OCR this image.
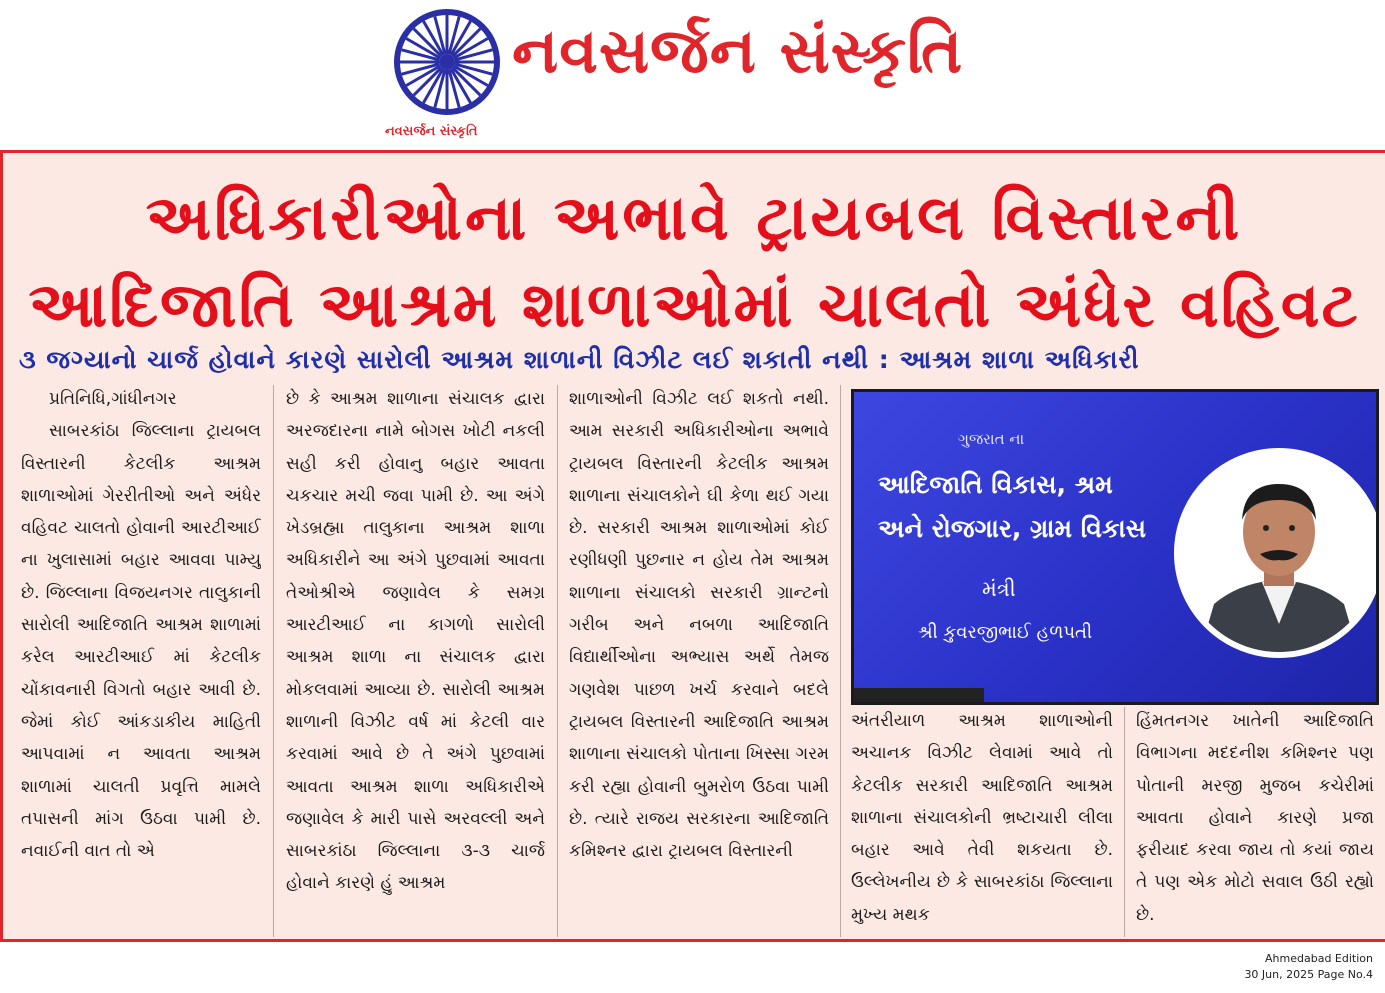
નવસર્જન સંસ્કૃતિ
નવસર્જન સંસ્કૃતિ
અધિકારીઓના અભાવે ટ્રાયબલ વિસ્તારની
આદિજાતિ આશ્રમ શાળાઓમાં ચાલતો અંધેર વહિવટ
૩ જગ્યાનો ચાર્જ હોવાને કારણે સારોલી આશ્રમ શાળાની વિઝીટ લઈ શકાતી નથી : આશ્રમ શાળા અધિકારી
પ્રતિનિધિ,ગાંધીનગર

સાબરકાંઠા જિલ્લાના ટ્રાયબલ વિસ્તારની કેટલીક આશ્રમ શાળાઓમાં ગેરરીતીઓ અને અંધેર વહિવટ ચાલતો હોવાની આરટીઆઈ ના ખુલાસામાં બહાર આવવા પામ્યુ છે. જિલ્લાના વિજયનગર તાલુકાની સારોલી આદિજાતિ આશ્રમ શાળામાં કરેલ આરટીઆઈ માં કેટલીક ચોંકાવનારી વિગતો બહાર આવી છે. જેમાં કોઈ આંકડાકીય માહિતી આપવામાં ન આવતા આશ્રમ શાળામાં ચાલતી પ્રવૃત્તિ મામલે તપાસની માંગ ઉઠવા પામી છે. નવાઈની વાત તો એ

છે કે આશ્રમ શાળાના સંચાલક દ્વારા અરજદારના નામે બોગસ ખોટી નકલી સહી કરી હોવાનુ બહાર આવતા ચકચાર મચી જવા પામી છે. આ અંગે ખેડબ્રહ્મા તાલુકાના આશ્રમ શાળા અધિકારીને આ અંગે પુછવામાં આવતા તેઓશ્રીએ જણાવેલ કે સમગ્ર આરટીઆઈ ના કાગળો સારોલી આશ્રમ શાળા ના સંચાલક દ્વારા મોકલવામાં આવ્યા છે. સારોલી આશ્રમ શાળાની વિઝીટ વર્ષ માં કેટલી વાર કરવામાં આવે છે તે અંગે પુછવામાં આવતા આશ્રમ શાળા અધિકારીએ જણાવેલ કે મારી પાસે અરવલ્લી અને સાબરકાંઠા જિલ્લાના ૩-૩ ચાર્જ હોવાને કારણે હું આશ્રમ
શાળાઓની વિઝીટ લઈ શકતો નથી. આમ સરકારી અધિકારીઓના અભાવે ટ્રાયબલ વિસ્તારની કેટલીક આશ્રમ શાળાના સંચાલકોને ઘી કેળા થઈ ગયા છે. સરકારી આશ્રમ શાળાઓમાં કોઈ રણીધણી પુછનાર ન હોય તેમ આશ્રમ શાળાના સંચાલકો સરકારી ગ્રાન્ટનો ગરીબ અને નબળા આદિજાતિ વિદ્યાર્થીઓના અભ્યાસ અર્થે તેમજ ગણવેશ પાછળ ખર્ચ કરવાને બદલે ટ્રાયબલ વિસ્તારની આદિજાતિ આશ્રમ શાળાના સંચાલકો પોતાના ખિસ્સા ગરમ કરી રહ્યા હોવાની બુમરોળ ઉઠવા પામી છે. ત્યારે રાજય સરકારના આદિજાતિ કમિશ્નર દ્વારા ટ્રાયબલ વિસ્તારની
ગુજરાત ના
આદિજાતિ વિકાસ, શ્રમ
અને રોજગાર, ગ્રામ વિકાસ
મંત્રી
શ્રી કુવરજીભાઈ હળપતી
અંતરીયાળ આશ્રમ શાળાઓની અચાનક વિઝીટ લેવામાં આવે તો કેટલીક સરકારી આદિજાતિ આશ્રમ શાળાના સંચાલકોની ભ્રષ્ટાચારી લીલા બહાર આવે તેવી શકયતા છે. ઉલ્લેખનીય છે કે સાબરકાંઠા જિલ્લાના મુખ્ય મથક
હિંમતનગર ખાતેની આદિજાતિ વિભાગના મદદનીશ કમિશ્નર પણ પોતાની મરજી મુજબ કચેરીમાં આવતા હોવાને કારણે પ્રજા ફરીયાદ કરવા જાય તો કયાં જાય તે પણ એક મોટો સવાલ ઉઠી રહ્યો છે.
Ahmedabad Edition
30 Jun, 2025 Page No.4
